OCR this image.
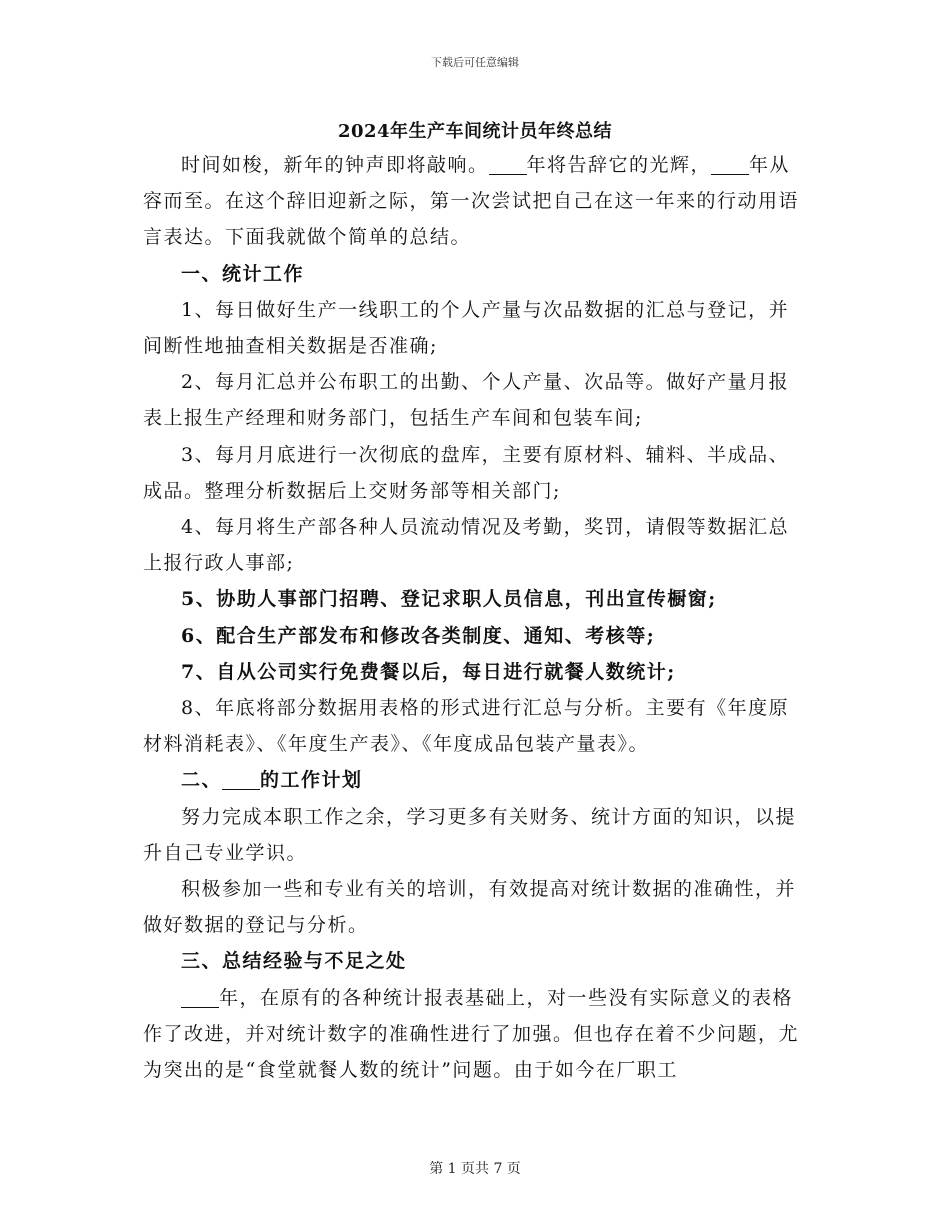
下载后可任意编辑
2024年生产车间统计员年终总结

时间如梭，新年的钟声即将敲响。 年将告辞它的光辉， 年从容而至。在这个辞旧迎新之际，第一次尝试把自己在这一年来的行动用语言表达。下面我就做个简单的总结。

一、统计工作

1、每日做好生产一线职工的个人产量与次品数据的汇总与登记，并间断性地抽查相关数据是否准确;

2、每月汇总并公布职工的出勤、个人产量、次品等。做好产量月报表上报生产经理和财务部门，包括生产车间和包装车间;

3、每月月底进行一次彻底的盘库，主要有原材料、辅料、半成品、成品。整理分析数据后上交财务部等相关部门;

4、每月将生产部各种人员流动情况及考勤，奖罚，请假等数据汇总上报行政人事部;

5、协助人事部门招聘、登记求职人员信息，刊出宣传橱窗;

6、配合生产部发布和修改各类制度、通知、考核等;

7、自从公司实行免费餐以后，每日进行就餐人数统计;

8、年底将部分数据用表格的形式进行汇总与分析。主要有《年度原材料消耗表》、《年度生产表》、《年度成品包装产量表》。

二、 的工作计划

努力完成本职工作之余，学习更多有关财务、统计方面的知识，以提升自己专业学识。

积极参加一些和专业有关的培训，有效提高对统计数据的准确性，并做好数据的登记与分析。

三、总结经验与不足之处

年，在原有的各种统计报表基础上，对一些没有实际意义的表格作了改进，并对统计数字的准确性进行了加强。但也存在着不少问题，尤为突出的是“食堂就餐人数的统计”问题。由于如今在厂职工

第 1 页共 7 页
